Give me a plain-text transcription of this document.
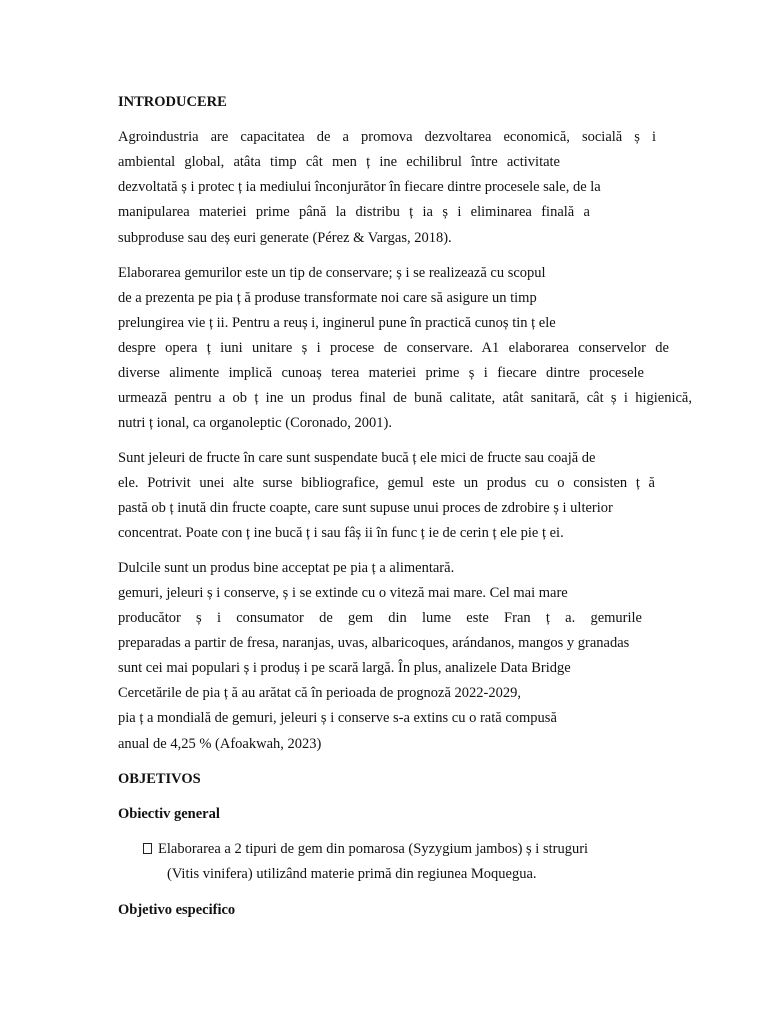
INTRODUCERE
Agroindustria are capacitatea de a promova dezvoltarea economică, socială ș i
ambiental global, atâta timp cât men ț ine echilibrul între activitate
dezvoltată ș i protec ț ia mediului înconjurător în fiecare dintre procesele sale, de la
manipularea materiei prime până la distribu ț ia ș i eliminarea finală a
subproduse sau deș euri generate (Pérez & Vargas, 2018).
Elaborarea gemurilor este un tip de conservare; ș i se realizează cu scopul
de a prezenta pe pia ț ă produse transformate noi care să asigure un timp
prelungirea vie ț ii. Pentru a reuș i, inginerul pune în practică cunoș tin ț ele
despre opera ț iuni unitare ș i procese de conservare. A1 elaborarea conservelor de
diverse alimente implică cunoaș terea materiei prime ș i fiecare dintre procesele
urmează pentru a ob ț ine un produs final de bună calitate, atât sanitară, cât ș i higienică,
nutri ț ional, ca organoleptic (Coronado, 2001).
Sunt jeleuri de fructe în care sunt suspendate bucă ț ele mici de fructe sau coajă de
ele. Potrivit unei alte surse bibliografice, gemul este un produs cu o consisten ț ă
pastă ob ț inută din fructe coapte, care sunt supuse unui proces de zdrobire ș i ulterior
concentrat. Poate con ț ine bucă ț i sau fâș ii în func ț ie de cerin ț ele pie ț ei.
Dulcile sunt un produs bine acceptat pe pia ț a alimentară.
gemuri, jeleuri ș i conserve, ș i se extinde cu o viteză mai mare. Cel mai mare
producător ș i consumator de gem din lume este Fran ț a. gemurile
preparadas a partir de fresa, naranjas, uvas, albaricoques, arándanos, mangos y granadas
sunt cei mai populari ș i produș i pe scară largă. În plus, analizele Data Bridge
Cercetările de pia ț ă au arătat că în perioada de prognoză 2022-2029,
pia ț a mondială de gemuri, jeleuri ș i conserve s-a extins cu o rată compusă
anual de 4,25 % (Afoakwah, 2023)
OBJETIVOS
Obiectiv general
Elaborarea a 2 tipuri de gem din pomarosa (Syzygium jambos) ș i struguri
(Vitis vinifera) utilizând materie primă din regiunea Moquegua.
Objetivo especifico
